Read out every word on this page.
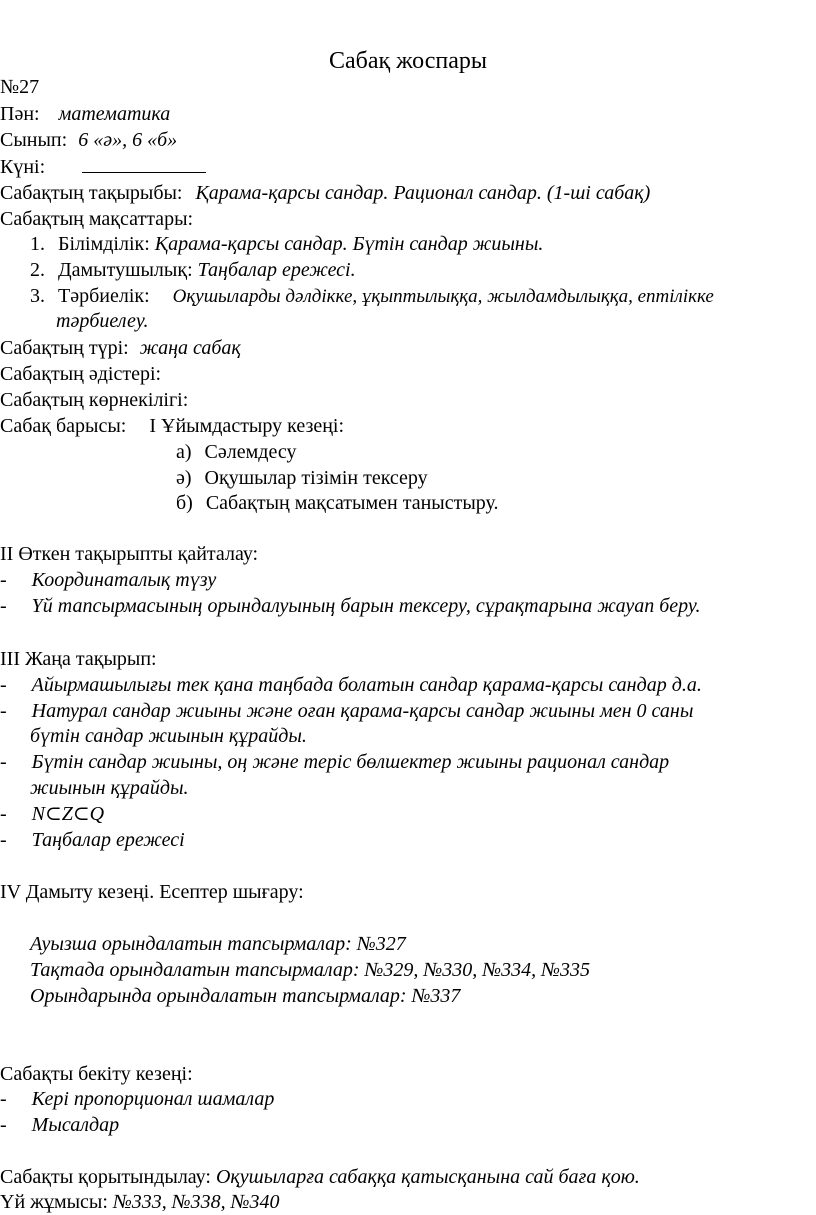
Сабақ жоспары
№27
Пән: математика
Сынып: 6 «ә», 6 «б»
Күні:
Сабақтың тақырыбы: Қарама-қарсы сандар. Рационал сандар. (1-ші сабақ)
Сабақтың мақсаттары:
1. Білімділік: Қарама-қарсы сандар. Бүтін сандар жиыны.
2. Дамытушылық: Таңбалар ережесі.
3. Тәрбиелік: Оқушыларды дәлдікке, ұқыптылыққа, жылдамдылыққа, ептілікке
тәрбиелеу.
Сабақтың түрі: жаңа сабақ
Сабақтың әдістері:
Сабақтың көрнекілігі:
Сабақ барысы: I Ұйымдастыру кезеңі:
а) Сәлемдесу
ә) Оқушылар тізімін тексеру
б) Сабақтың мақсатымен таныстыру.
II Өткен тақырыпты қайталау:
- Координаталық түзу
- Үй тапсырмасының орындалуының барын тексеру, сұрақтарына жауап беру.
III Жаңа тақырып:
- Айырмашылығы тек қана таңбада болатын сандар қарама-қарсы сандар д.а.
- Натурал сандар жиыны және оған қарама-қарсы сандар жиыны мен 0 саны
бүтін сандар жиынын құрайды.
- Бүтін сандар жиыны, оң және теріс бөлшектер жиыны рационал сандар
жиынын құрайды.
- N⊂Z⊂Q
- Таңбалар ережесі
IV Дамыту кезеңі. Есептер шығару:
Ауызша орындалатын тапсырмалар: №327
Тақтада орындалатын тапсырмалар: №329, №330, №334, №335
Орындарында орындалатын тапсырмалар: №337
Сабақты бекіту кезеңі:
- Кері пропорционал шамалар
- Мысалдар
Сабақты қорытындылау: Оқушыларға сабаққа қатысқанына сай баға қою.
Үй жұмысы: №333, №338, №340
